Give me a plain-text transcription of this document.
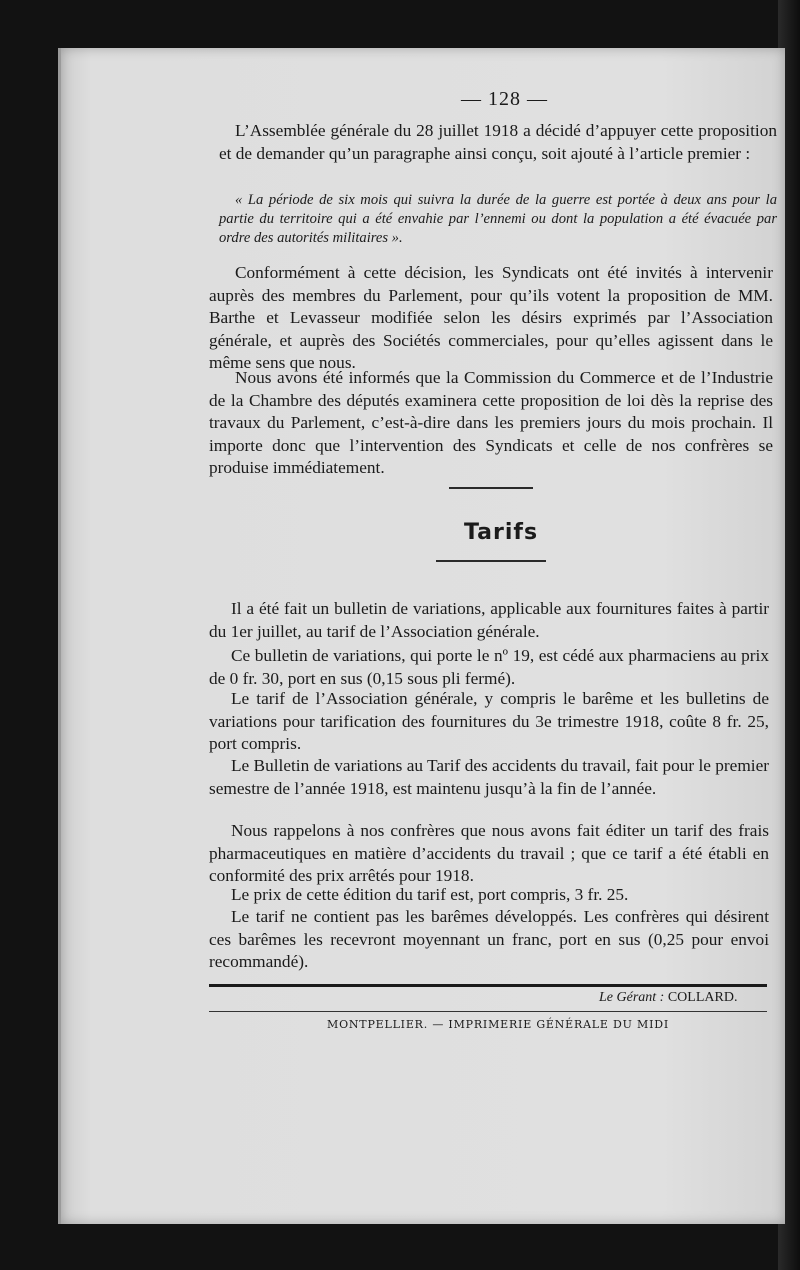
— 128 —

L’Assemblée générale du 28 juillet 1918 a décidé d’appuyer cette proposition et de demander qu’un paragraphe ainsi conçu, soit ajouté à l’article premier :

« La période de six mois qui suivra la durée de la guerre est portée à deux ans pour la partie du territoire qui a été envahie par l’ennemi ou dont la population a été évacuée par ordre des autorités militaires ».

Conformément à cette décision, les Syndicats ont été invités à intervenir auprès des membres du Parlement, pour qu’ils votent la proposition de MM. Barthe et Levasseur modifiée selon les désirs exprimés par l’Association générale, et auprès des Sociétés commerciales, pour qu’elles agissent dans le même sens que nous.

Nous avons été informés que la Commission du Commerce et de l’Industrie de la Chambre des députés examinera cette proposition de loi dès la reprise des travaux du Parlement, c’est-à-dire dans les premiers jours du mois prochain. Il importe donc que l’intervention des Syndicats et celle de nos confrères se produise immédiatement.

Tarifs

Il a été fait un bulletin de variations, applicable aux fournitures faites à partir du 1er juillet, au tarif de l’Association générale.

Ce bulletin de variations, qui porte le nº 19, est cédé aux pharmaciens au prix de 0 fr. 30, port en sus (0,15 sous pli fermé).

Le tarif de l’Association générale, y compris le barême et les bulletins de variations pour tarification des fournitures du 3e trimestre 1918, coûte 8 fr. 25, port compris.

Le Bulletin de variations au Tarif des accidents du travail, fait pour le premier semestre de l’année 1918, est maintenu jusqu’à la fin de l’année.

Nous rappelons à nos confrères que nous avons fait éditer un tarif des frais pharmaceutiques en matière d’accidents du travail ; que ce tarif a été établi en conformité des prix arrêtés pour 1918.

Le prix de cette édition du tarif est, port compris, 3 fr. 25.

Le tarif ne contient pas les barêmes développés. Les confrères qui désirent ces barêmes les recevront moyennant un franc, port en sus (0,25 pour envoi recommandé).

Le Gérant : COLLARD.
MONTPELLIER. — IMPRIMERIE GÉNÉRALE DU MIDI
